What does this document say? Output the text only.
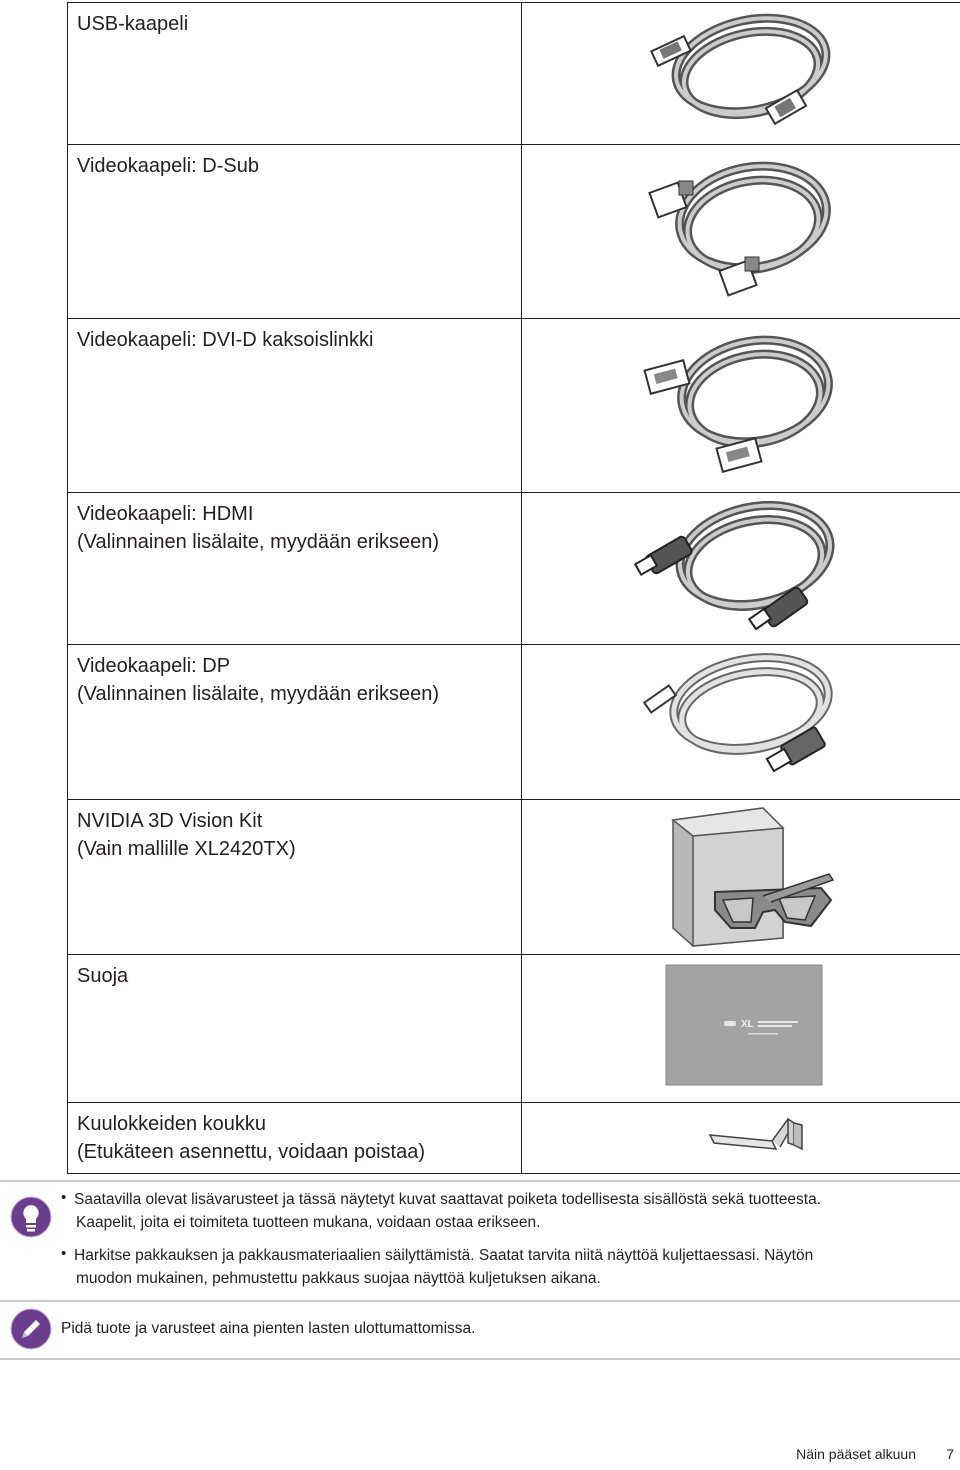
USB-kaapeli

Videokaapeli: D-Sub

Videokaapeli: DVI-D kaksoislinkki

Videokaapeli: HDMI
(Valinnainen lisälaite, myydään erikseen)

Videokaapeli: DP
(Valinnainen lisälaite, myydään erikseen)

NVIDIA 3D Vision Kit
(Vain mallille XL2420TX)

Suoja	XL

Kuulokkeiden koukku
(Etukäteen asennettu, voidaan poistaa)

• Saatavilla olevat lisävarusteet ja tässä näytetyt kuvat saattavat poiketa todellisesta sisällöstä sekä tuotteesta.
Kaapelit, joita ei toimiteta tuotteen mukana, voidaan ostaa erikseen.
• Harkitse pakkauksen ja pakkausmateriaalien säilyttämistä. Saatat tarvita niitä näyttöä kuljettaessasi. Näytön
muodon mukainen, pehmustettu pakkaus suojaa näyttöä kuljetuksen aikana.
Pidä tuote ja varusteet aina pienten lasten ulottumattomissa.
Näin pääset alkuun 7
